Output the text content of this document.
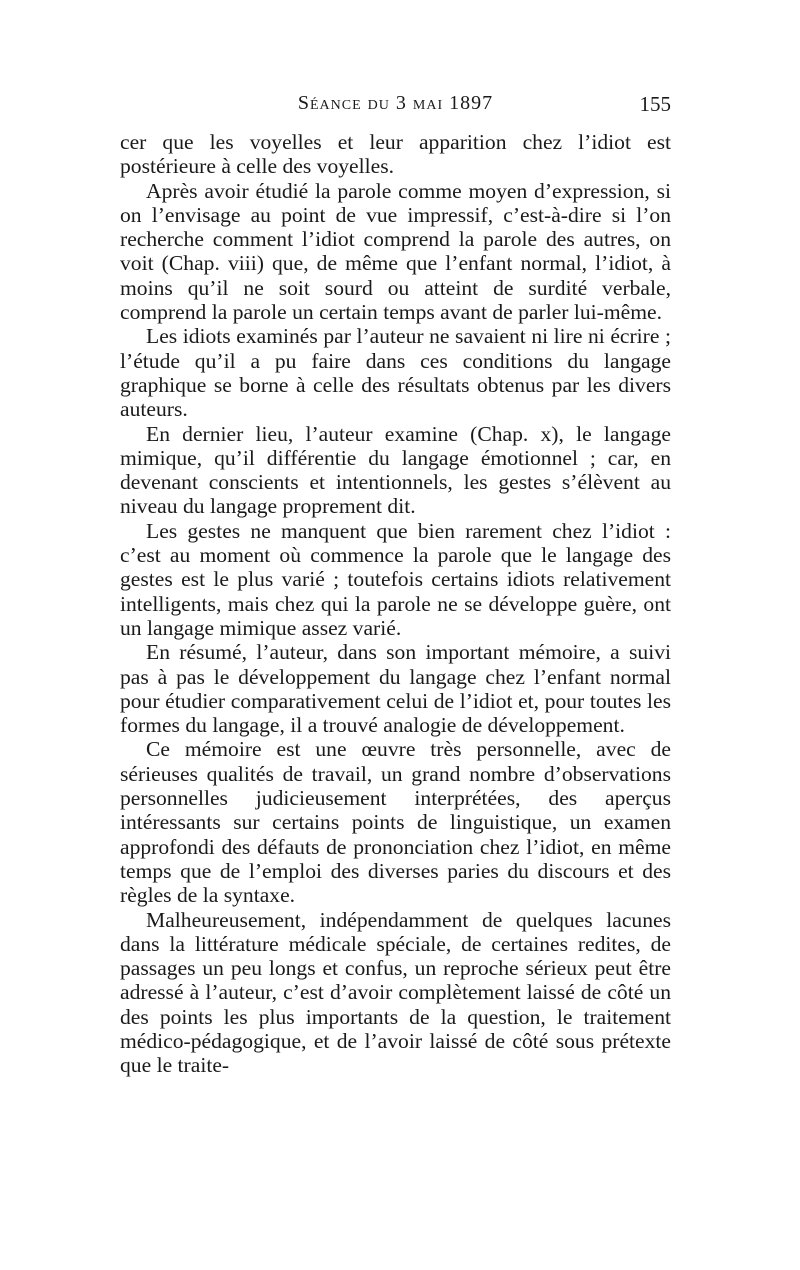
Séance du 3 mai 1897	155

cer que les voyelles et leur apparition chez l’idiot est postérieure à celle des voyelles.

Après avoir étudié la parole comme moyen d’expression, si on l’envisage au point de vue impressif, c’est-à-dire si l’on recherche comment l’idiot comprend la parole des autres, on voit (Chap. viii) que, de même que l’enfant normal, l’idiot, à moins qu’il ne soit sourd ou atteint de surdité verbale, comprend la parole un certain temps avant de parler lui-même.

Les idiots examinés par l’auteur ne savaient ni lire ni écrire ; l’étude qu’il a pu faire dans ces conditions du langage graphique se borne à celle des résultats obtenus par les divers auteurs.

En dernier lieu, l’auteur examine (Chap. x), le langage mimique, qu’il différentie du langage émotionnel ; car, en devenant conscients et intentionnels, les gestes s’élèvent au niveau du langage proprement dit.

Les gestes ne manquent que bien rarement chez l’idiot : c’est au moment où commence la parole que le langage des gestes est le plus varié ; toutefois certains idiots relativement intelligents, mais chez qui la parole ne se développe guère, ont un langage mimique assez varié.

En résumé, l’auteur, dans son important mémoire, a suivi pas à pas le développement du langage chez l’enfant normal pour étudier comparativement celui de l’idiot et, pour toutes les formes du langage, il a trouvé analogie de développement.

Ce mémoire est une œuvre très personnelle, avec de sérieuses qualités de travail, un grand nombre d’observations personnelles judicieusement interprétées, des aperçus intéressants sur certains points de linguistique, un examen approfondi des défauts de prononciation chez l’idiot, en même temps que de l’emploi des diverses paries du discours et des règles de la syntaxe.

Malheureusement, indépendamment de quelques lacunes dans la littérature médicale spéciale, de certaines redites, de passages un peu longs et confus, un reproche sérieux peut être adressé à l’auteur, c’est d’avoir complètement laissé de côté un des points les plus importants de la question, le traitement médico-pédagogique, et de l’avoir laissé de côté sous prétexte que le traite-
